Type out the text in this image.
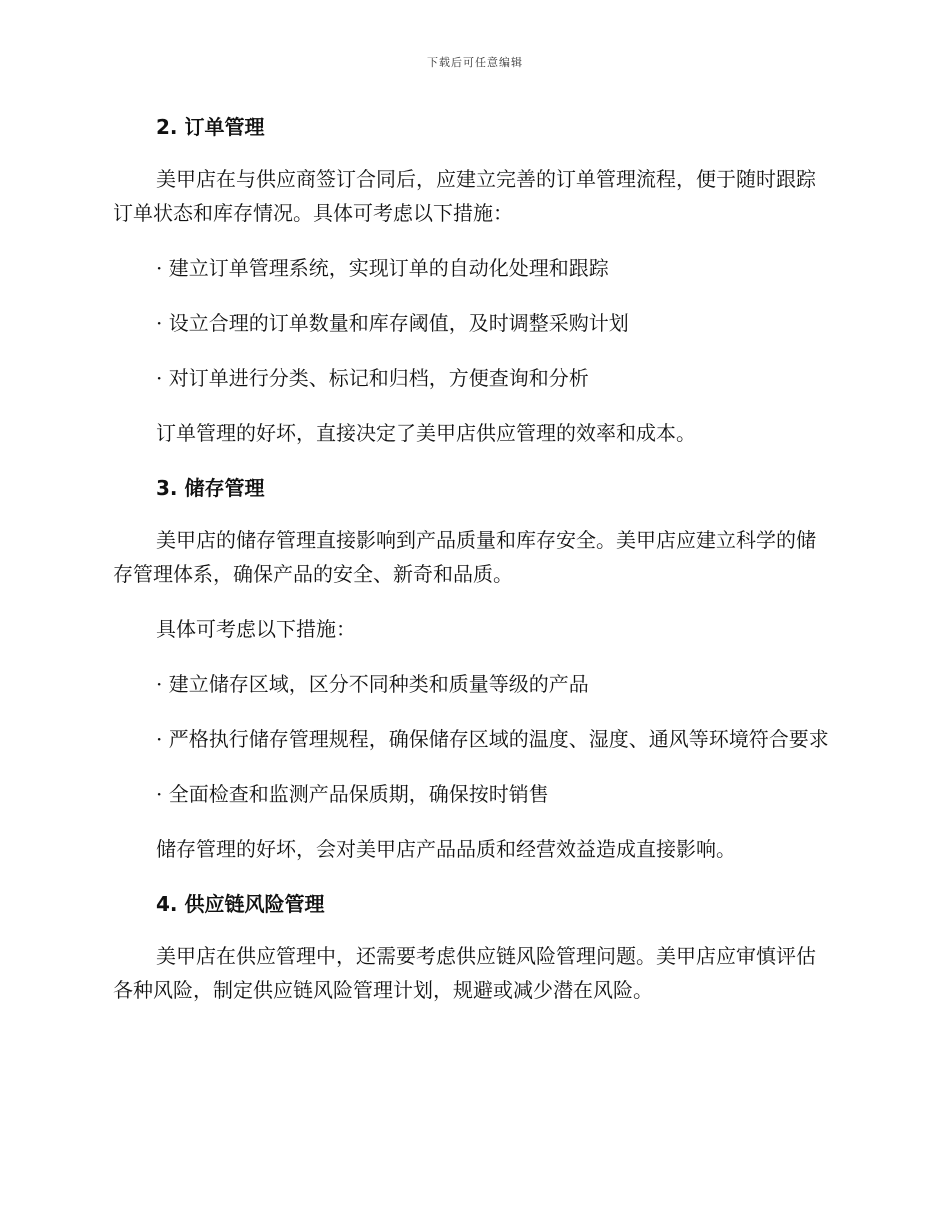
下载后可任意编辑
2. 订单管理

美甲店在与供应商签订合同后，应建立完善的订单管理流程，便于随时跟踪订单状态和库存情况。具体可考虑以下措施：

· 建立订单管理系统，实现订单的自动化处理和跟踪

· 设立合理的订单数量和库存阈值，及时调整采购计划

· 对订单进行分类、标记和归档，方便查询和分析

订单管理的好坏，直接决定了美甲店供应管理的效率和成本。

3. 储存管理

美甲店的储存管理直接影响到产品质量和库存安全。美甲店应建立科学的储存管理体系，确保产品的安全、新奇和品质。

具体可考虑以下措施：

· 建立储存区域，区分不同种类和质量等级的产品

· 严格执行储存管理规程，确保储存区域的温度、湿度、通风等环境符合要求

· 全面检查和监测产品保质期，确保按时销售

储存管理的好坏，会对美甲店产品品质和经营效益造成直接影响。

4. 供应链风险管理

美甲店在供应管理中，还需要考虑供应链风险管理问题。美甲店应审慎评估各种风险，制定供应链风险管理计划，规避或减少潜在风险。
